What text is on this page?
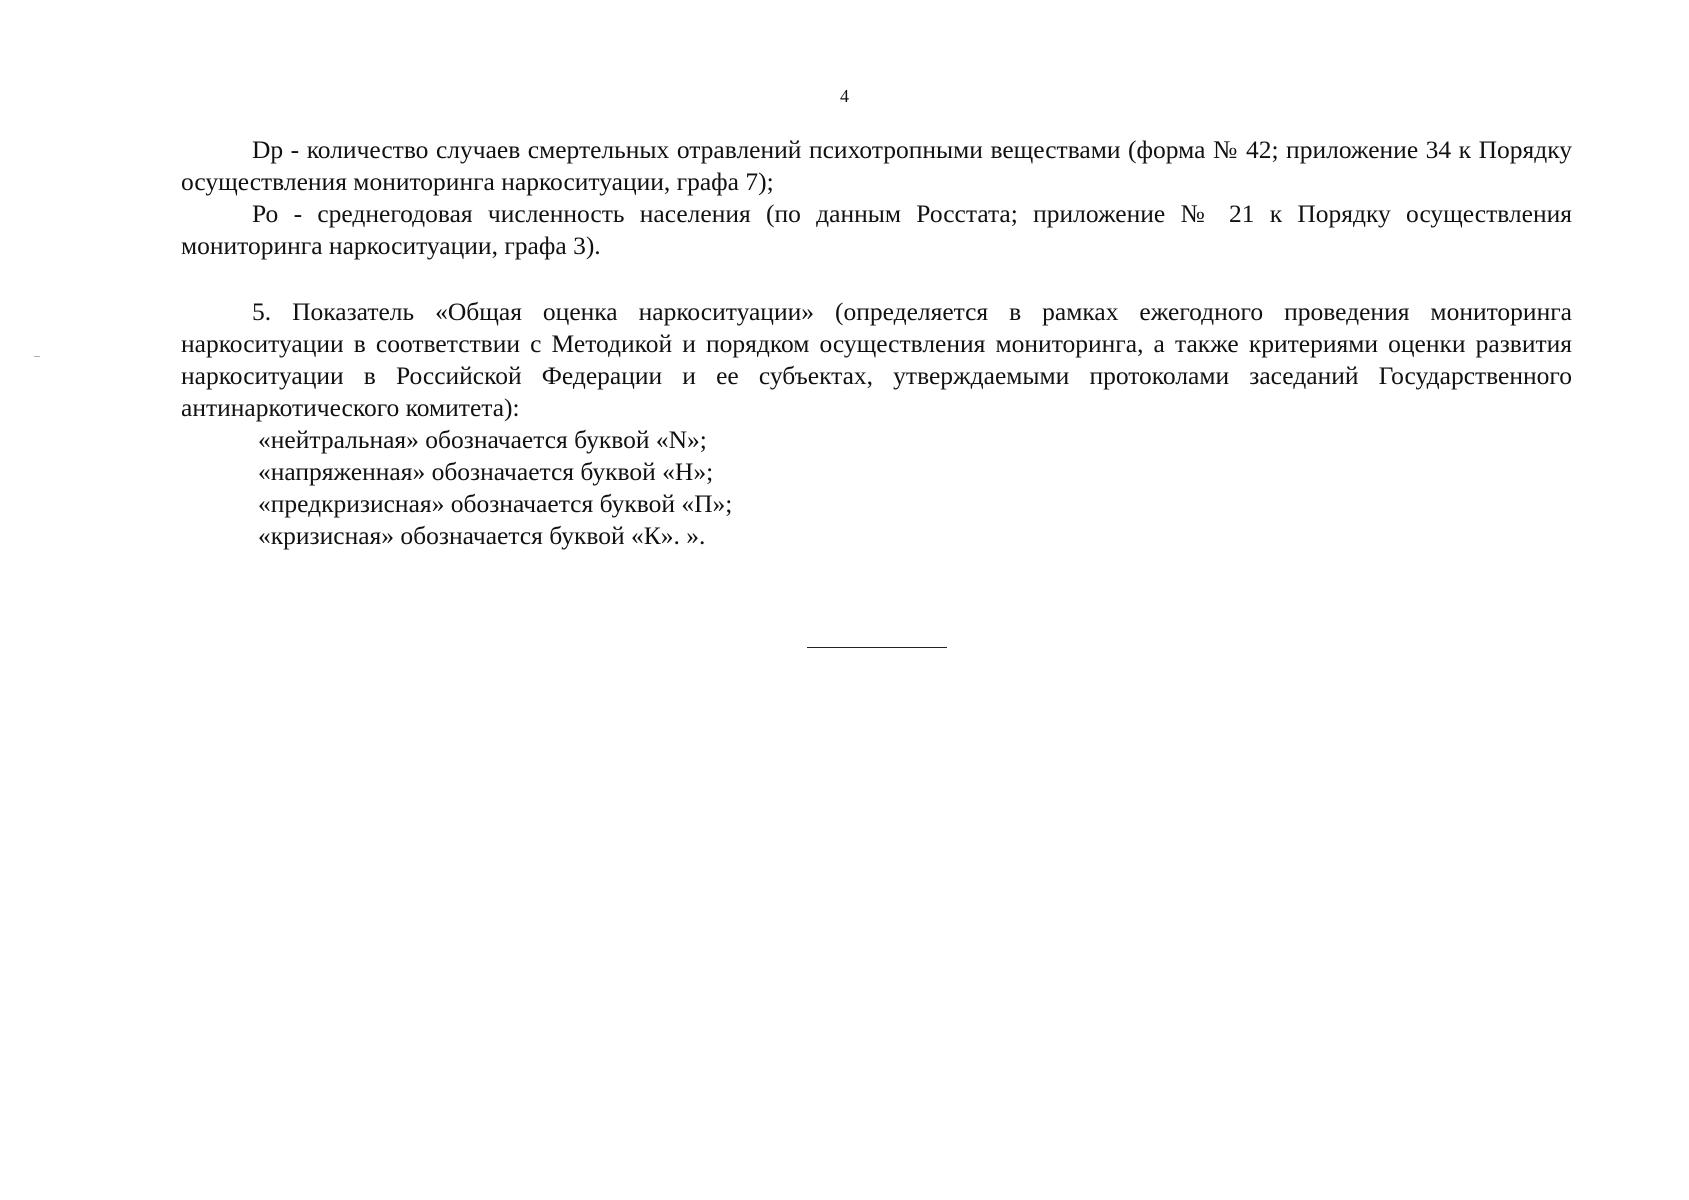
4

Dp - количество случаев смертельных отравлений психотропными веществами (форма № 42; приложение 34 к Порядку осуществления мониторинга наркоситуации, графа 7);

Ро - среднегодовая численность населения (по данным Росстата; приложение № 21 к Порядку осуществления мониторинга наркоситуации, графа 3).

5. Показатель «Общая оценка наркоситуации» (определяется в рамках ежегодного проведения мониторинга наркоситуации в соответствии с Методикой и порядком осуществления мониторинга, а также критериями оценки развития наркоситуации в Российской Федерации и ее субъектах, утверждаемыми протоколами заседаний Государственного антинаркотического комитета):

«нейтральная» обозначается буквой «N»;
«напряженная» обозначается буквой «Н»;
«предкризисная» обозначается буквой «П»;
«кризисная» обозначается буквой «К». ».
